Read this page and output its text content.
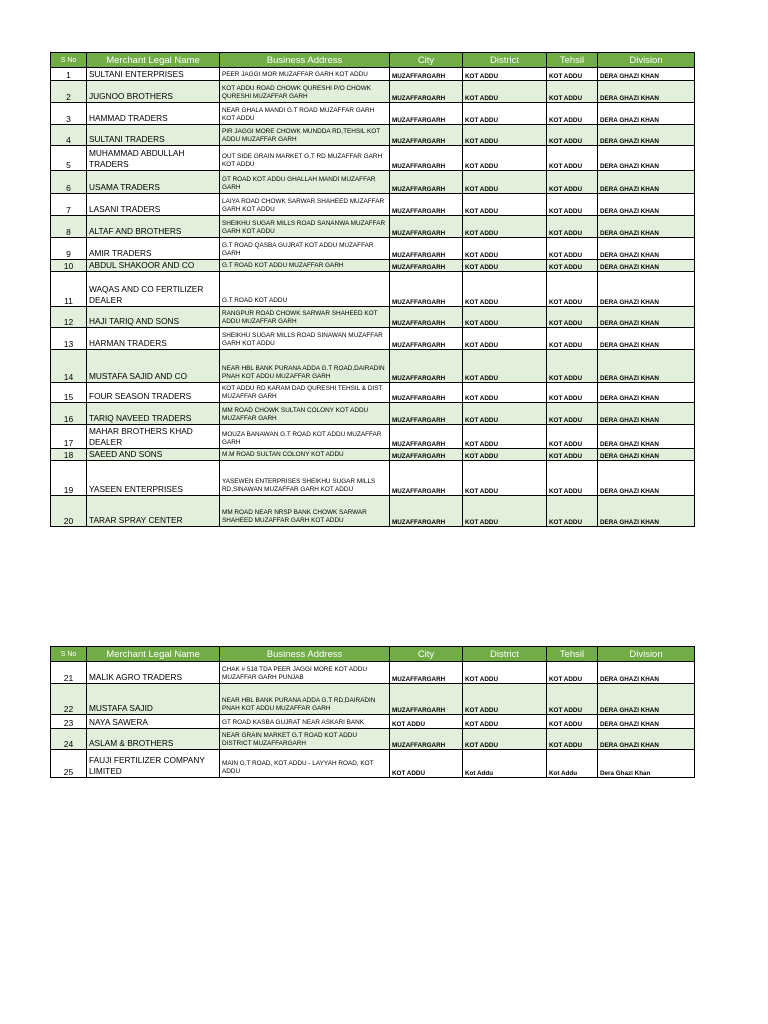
S No	Merchant Legal Name	Business Address	City	District	Tehsil	Division
1	SULTANI ENTERPRISES	PEER JAGGI MOR MUZAFFAR GARH KOT ADDU	MUZAFFARGARH	KOT ADDU	KOT ADDU	DERA GHAZI KHAN
2	JUGNOO BROTHERS	KOT ADDU ROAD CHOWK QURESHI P/O CHOWK QURESHI MUZAFFAR GARH	MUZAFFARGARH	KOT ADDU	KOT ADDU	DERA GHAZI KHAN
3	HAMMAD TRADERS	NEAR GHALA MANDI G.T ROAD MUZAFFAR GARH KOT ADDU	MUZAFFARGARH	KOT ADDU	KOT ADDU	DERA GHAZI KHAN
4	SULTANI TRADERS	PIR JAGGI MORE CHOWK MUNDDA RD,TEHSIL KOT ADDU MUZAFFAR GARH	MUZAFFARGARH	KOT ADDU	KOT ADDU	DERA GHAZI KHAN
5	MUHAMMAD ABDULLAH TRADERS	OUT SIDE GRAIN MARKET G.T RD MUZAFFAR GARH KOT ADDU	MUZAFFARGARH	KOT ADDU	KOT ADDU	DERA GHAZI KHAN
6	USAMA TRADERS	GT ROAD KOT ADDU GHALLAH MANDI MUZAFFAR GARH	MUZAFFARGARH	KOT ADDU	KOT ADDU	DERA GHAZI KHAN
7	LASANI TRADERS	LAIYA ROAD CHOWK SARWAR SHAHEED MUZAFFAR GARH KOT ADDU	MUZAFFARGARH	KOT ADDU	KOT ADDU	DERA GHAZI KHAN
8	ALTAF AND BROTHERS	SHEIKHU SUGAR MILLS ROAD SANANWA MUZAFFAR GARH KOT ADDU	MUZAFFARGARH	KOT ADDU	KOT ADDU	DERA GHAZI KHAN
9	AMIR TRADERS	G.T ROAD QASBA GUJRAT KOT ADDU MUZAFFAR GARH	MUZAFFARGARH	KOT ADDU	KOT ADDU	DERA GHAZI KHAN
10	ABDUL SHAKOOR AND CO	G.T ROAD KOT ADDU MUZAFFAR GARH	MUZAFFARGARH	KOT ADDU	KOT ADDU	DERA GHAZI KHAN
11	WAQAS AND CO FERTILIZER DEALER	G.T ROAD KOT ADDU	MUZAFFARGARH	KOT ADDU	KOT ADDU	DERA GHAZI KHAN
12	HAJI TARIQ AND SONS	RANGPUR ROAD CHOWK SARWAR SHAHEED KOT ADDU MUZAFFAR GARH	MUZAFFARGARH	KOT ADDU	KOT ADDU	DERA GHAZI KHAN
13	HARMAN TRADERS	SHEIKHU SUGAR MILLS ROAD SINAWAN MUZAFFAR GARH KOT ADDU	MUZAFFARGARH	KOT ADDU	KOT ADDU	DERA GHAZI KHAN
14	MUSTAFA SAJID AND CO	NEAR HBL BANK PURANA ADDA G.T ROAD,DAIRADIN PNAH KOT ADDU MUZAFFAR GARH	MUZAFFARGARH	KOT ADDU	KOT ADDU	DERA GHAZI KHAN
15	FOUR SEASON TRADERS	KOT ADDU RD KARAM DAD QURESHI TEHSIL & DIST MUZAFFAR GARH	MUZAFFARGARH	KOT ADDU	KOT ADDU	DERA GHAZI KHAN
16	TARIQ NAVEED TRADERS	MM ROAD CHOWK SULTAN COLONY KOT ADDU MUZAFFAR GARH	MUZAFFARGARH	KOT ADDU	KOT ADDU	DERA GHAZI KHAN
17	MAHAR BROTHERS KHAD DEALER	MOUZA BANAWAN G.T ROAD KOT ADDU MUZAFFAR GARH	MUZAFFARGARH	KOT ADDU	KOT ADDU	DERA GHAZI KHAN
18	SAEED AND SONS	M.M ROAD SULTAN COLONY KOT ADDU	MUZAFFARGARH	KOT ADDU	KOT ADDU	DERA GHAZI KHAN
19	YASEEN ENTERPRISES	YASEWEN ENTERPRISES SHEIKHU SUGAR MILLS RD,SINAWAN MUZAFFAR GARH KOT ADDU	MUZAFFARGARH	KOT ADDU	KOT ADDU	DERA GHAZI KHAN
20	TARAR SPRAY CENTER	MM ROAD NEAR NRSP BANK CHOWK SARWAR SHAHEED MUZAFFAR GARH KOT ADDU	MUZAFFARGARH	KOT ADDU	KOT ADDU	DERA GHAZI KHAN
S No	Merchant Legal Name	Business Address	City	District	Tehsil	Division
21	MALIK AGRO TRADERS	CHAK # 518 TDA PEER JAGGI MORE KOT ADDU MUZAFFAR GARH PUNJAB	MUZAFFARGARH	KOT ADDU	KOT ADDU	DERA GHAZI KHAN
22	MUSTAFA SAJID	NEAR HBL BANK PURANA ADDA G.T RD,DAIRADIN PNAH KOT ADDU MUZAFFAR GARH	MUZAFFARGARH	KOT ADDU	KOT ADDU	DERA GHAZI KHAN
23	NAYA SAWERA	GT ROAD KASBA GUJRAT NEAR ASKARI BANK	KOT ADDU	KOT ADDU	KOT ADDU	DERA GHAZI KHAN
24	ASLAM & BROTHERS	NEAR GRAIN MARKET G.T ROAD KOT ADDU DISTRICT MUZAFFARGARH	MUZAFFARGARH	KOT ADDU	KOT ADDU	DERA GHAZI KHAN
25	FAUJI FERTILIZER COMPANY LIMITED	MAIN G.T ROAD, KOT ADDU - LAYYAH ROAD, KOT ADDU	KOT ADDU	Kot Addu	Kot Addu	Dera Ghazi Khan
